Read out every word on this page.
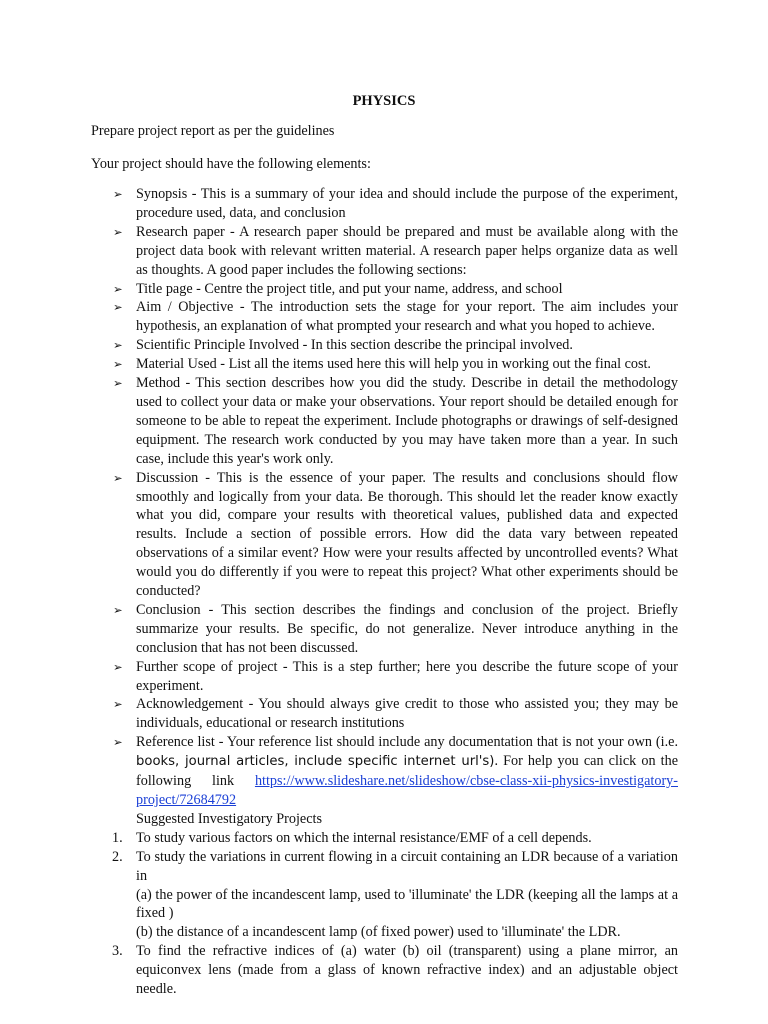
PHYSICS
Prepare project report as per the guidelines
Your project should have the following elements:
➢ Synopsis - This is a summary of your idea and should include the purpose of the experiment, procedure used, data, and conclusion
➢ Research paper - A research paper should be prepared and must be available along with the project data book with relevant written material. A research paper helps organize data as well as thoughts. A good paper includes the following sections:
➢ Title page - Centre the project title, and put your name, address, and school
➢ Aim / Objective - The introduction sets the stage for your report. The aim includes your hypothesis, an explanation of what prompted your research and what you hoped to achieve.
➢ Scientific Principle Involved - In this section describe the principal involved.
➢ Material Used - List all the items used here this will help you in working out the final cost.
➢ Method - This section describes how you did the study. Describe in detail the methodology used to collect your data or make your observations. Your report should be detailed enough for someone to be able to repeat the experiment. Include photographs or drawings of self-designed equipment. The research work conducted by you may have taken more than a year. In such case, include this year's work only.
➢ Discussion - This is the essence of your paper. The results and conclusions should flow smoothly and logically from your data. Be thorough. This should let the reader know exactly what you did, compare your results with theoretical values, published data and expected results. Include a section of possible errors. How did the data vary between repeated observations of a similar event? How were your results affected by uncontrolled events? What would you do differently if you were to repeat this project? What other experiments should be conducted?
➢ Conclusion - This section describes the findings and conclusion of the project. Briefly summarize your results. Be specific, do not generalize. Never introduce anything in the conclusion that has not been discussed.
➢ Further scope of project - This is a step further; here you describe the future scope of your experiment.
➢ Acknowledgement - You should always give credit to those who assisted you; they may be individuals, educational or research institutions
➢ Reference list - Your reference list should include any documentation that is not your own (i.e. books, journal articles, include specific internet url's). For help you can click on the following link https://www.slideshare.net/slideshow/cbse-class-xii-physics-investigatory-project/72684792
Suggested Investigatory Projects
1. To study various factors on which the internal resistance/EMF of a cell depends.
2. To study the variations in current flowing in a circuit containing an LDR because of a variation in
(a) the power of the incandescent lamp, used to 'illuminate' the LDR (keeping all the lamps at a fixed )
(b) the distance of a incandescent lamp (of fixed power) used to 'illuminate' the LDR.
3. To find the refractive indices of (a) water (b) oil (transparent) using a plane mirror, an equiconvex lens (made from a glass of known refractive index) and an adjustable object needle.
